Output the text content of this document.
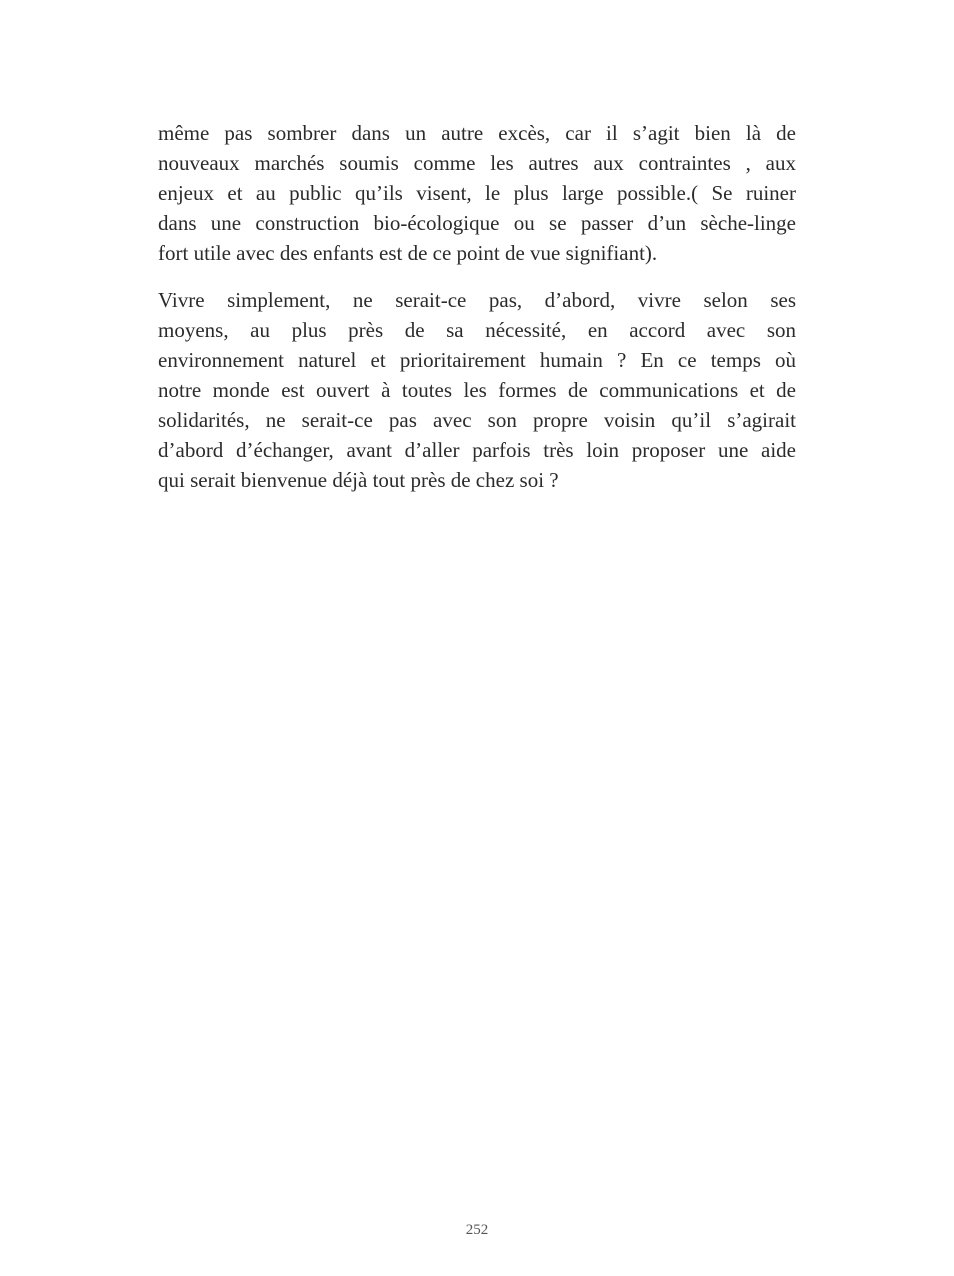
même pas sombrer dans un autre excès, car il s’agit bien là de
nouveaux marchés soumis comme les autres aux contraintes , aux
enjeux et au public qu’ils visent, le plus large possible.( Se ruiner
dans une construction bio-écologique ou se passer d’un sèche-linge
fort utile avec des enfants est de ce point de vue signifiant).
Vivre simplement, ne serait-ce pas, d’abord, vivre selon ses
moyens, au plus près de sa nécessité, en accord avec son
environnement naturel et prioritairement humain ? En ce temps où
notre monde est ouvert à toutes les formes de communications et de
solidarités, ne serait-ce pas avec son propre voisin qu’il s’agirait
d’abord d’échanger, avant d’aller parfois très loin proposer une aide
qui serait bienvenue déjà tout près de chez soi ?
252
